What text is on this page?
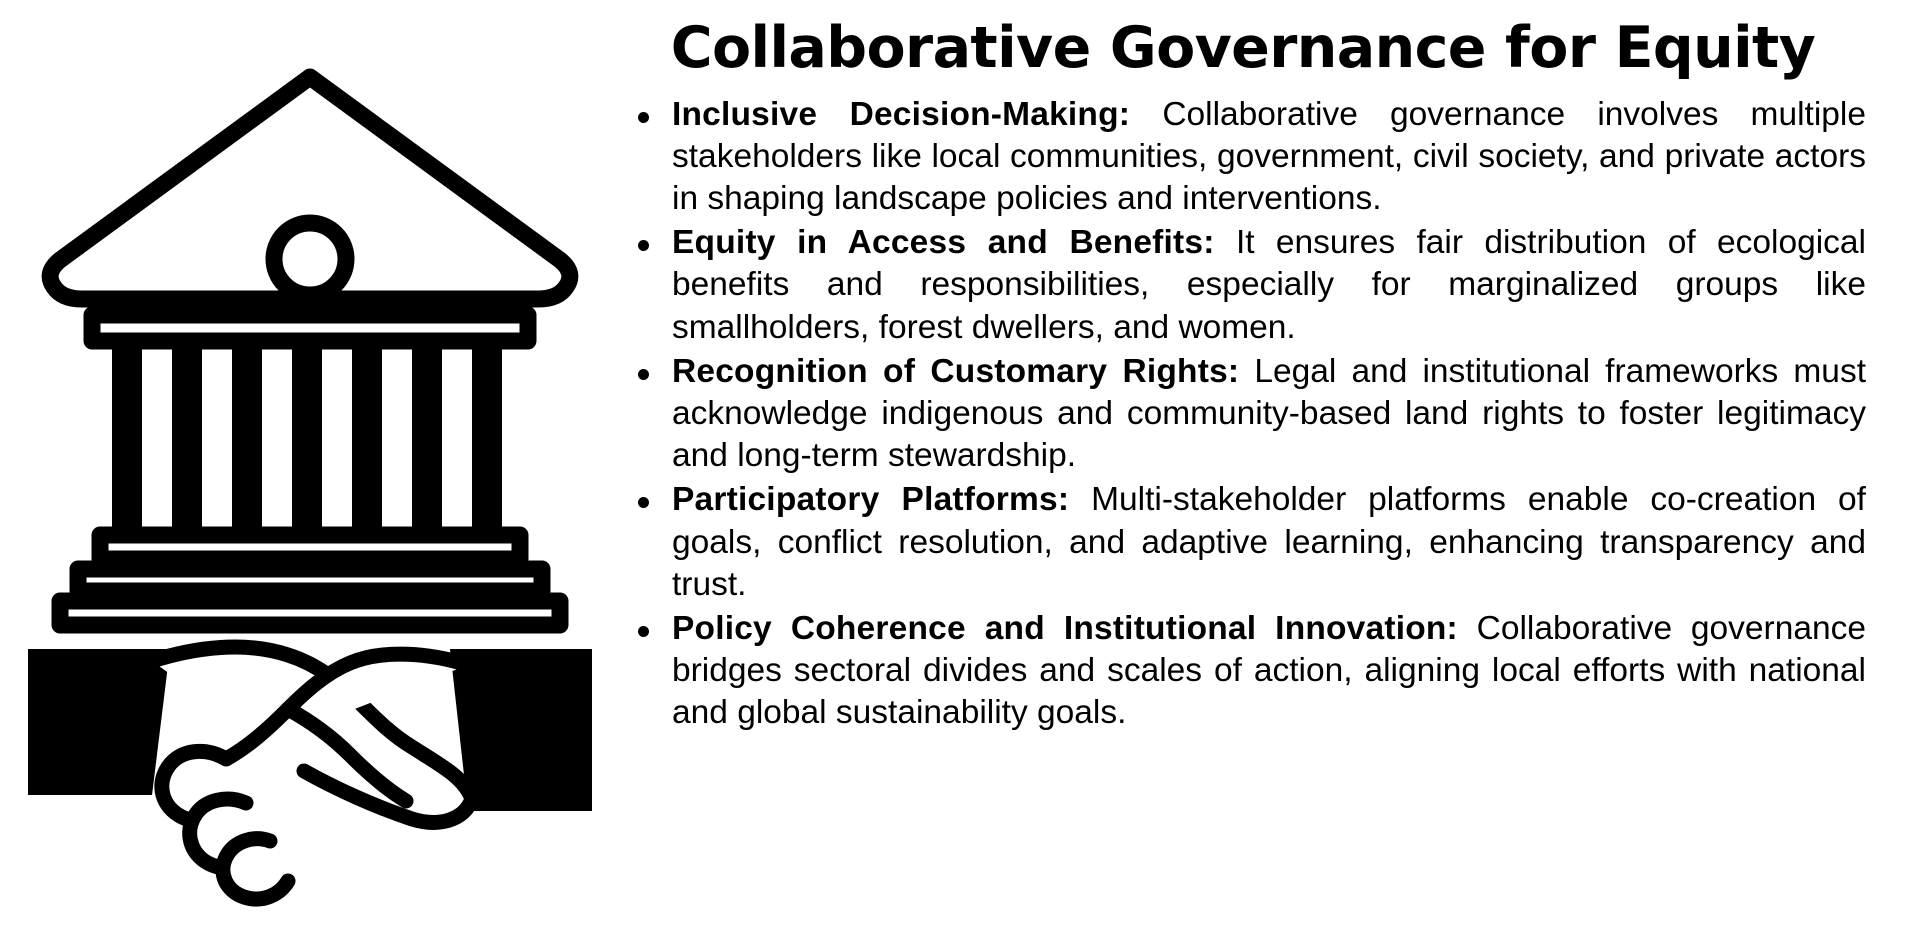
Collaborative Governance for Equity
Inclusive Decision-Making: Collaborative governance involves multiple stakeholders like local communities, government, civil society, and private actors in shaping landscape policies and interventions.
Equity in Access and Benefits: It ensures fair distribution of ecological benefits and responsibilities, especially for marginalized groups like smallholders, forest dwellers, and women.
Recognition of Customary Rights: Legal and institutional frameworks must acknowledge indigenous and community-based land rights to foster legitimacy and long-term stewardship.
Participatory Platforms: Multi-stakeholder platforms enable co-creation of goals, conflict resolution, and adaptive learning, enhancing transparency and trust.
Policy Coherence and Institutional Innovation: Collaborative governance bridges sectoral divides and scales of action, aligning local efforts with national and global sustainability goals.
